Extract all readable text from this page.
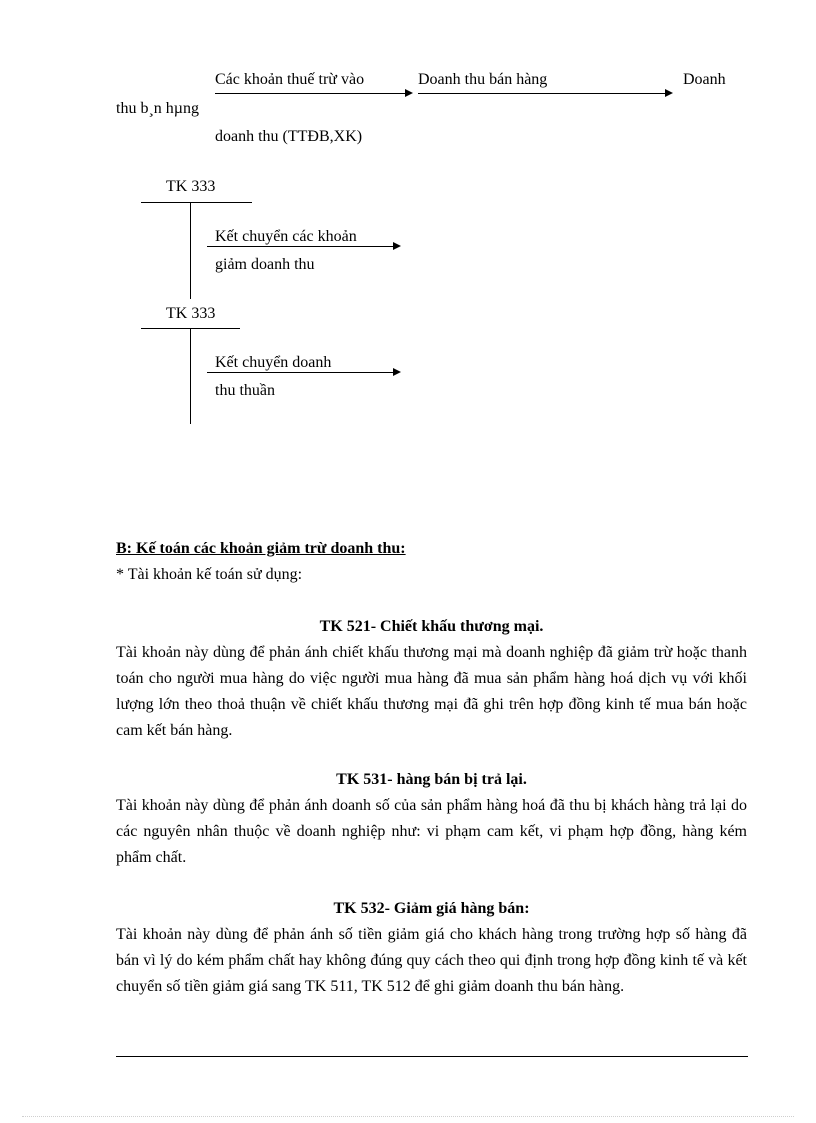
Các khoản thuế trừ vào	Doanh thu bán hàng	Doanh
thu b¸n hµng
doanh thu (TTĐB,XK)
TK 333
Kết chuyển các khoản
giảm doanh thu
TK 333
Kết chuyển doanh
thu thuần
B: Kế toán các khoản giảm trừ doanh thu:
* Tài khoản kế toán sử dụng:
TK 521- Chiết khấu thương mại.

Tài khoản này dùng để phản ánh chiết khấu thương mại mà doanh nghiệp đã giảm trừ hoặc thanh toán cho người mua hàng do việc người mua hàng đã mua sản phẩm hàng hoá dịch vụ với khối lượng lớn theo thoả thuận về chiết khấu thương mại đã ghi trên hợp đồng kinh tế mua bán hoặc cam kết bán hàng.

TK 531- hàng bán bị trả lại.

Tài khoản này dùng để phản ánh doanh số của sản phẩm hàng hoá đã thu bị khách hàng trả lại do các nguyên nhân thuộc về doanh nghiệp như: vi phạm cam kết, vi phạm hợp đồng, hàng kém phẩm chất.

TK 532- Giảm giá hàng bán:

Tài khoản này dùng để phản ánh số tiền giảm giá cho khách hàng trong trường hợp số hàng đã bán vì lý do kém phẩm chất hay không đúng quy cách theo qui định trong hợp đồng kinh tế và kết chuyển số tiền giảm giá sang TK 511, TK 512 để ghi giảm doanh thu bán hàng.
